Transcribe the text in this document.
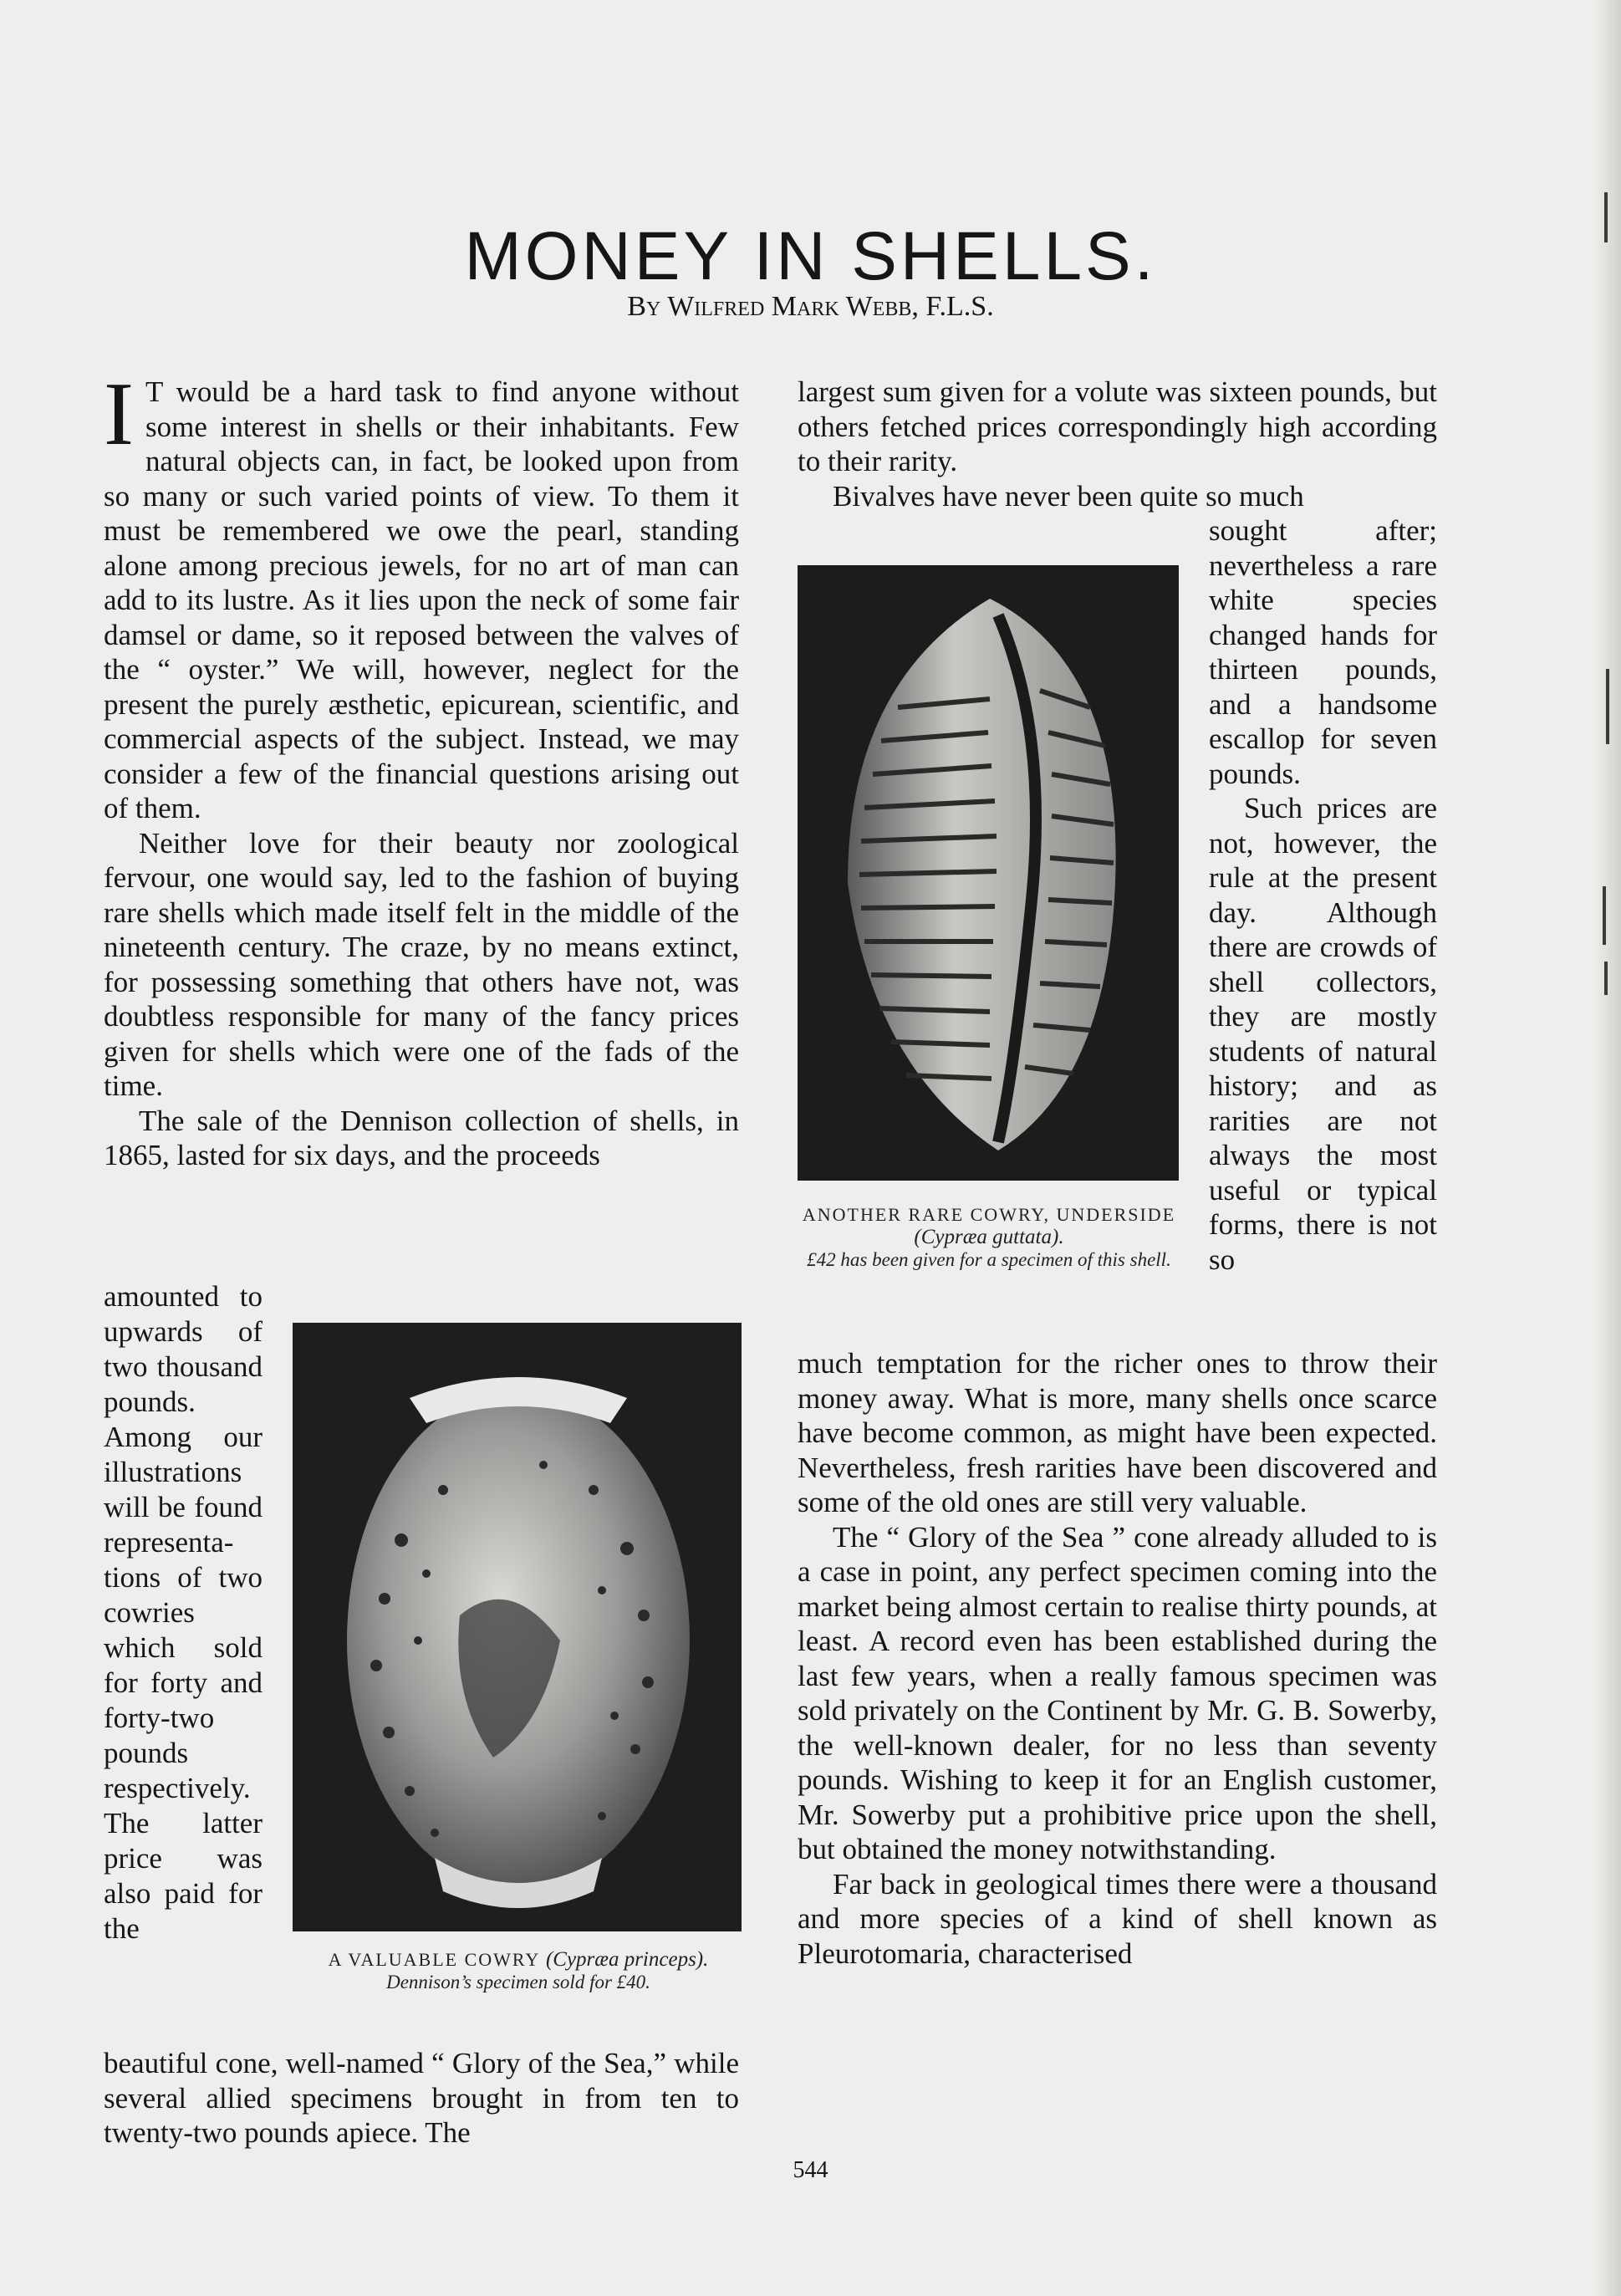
MONEY IN SHELLS.
By Wilfred Mark Webb, F.L.S.

I T would be a hard task to find anyone without some interest in shells or their inhabitants. Few natural objects can, in fact, be looked upon from so many or such varied points of view. To them it must be remembered we owe the pearl, standing alone among precious jewels, for no art of man can add to its lustre. As it lies upon the neck of some fair damsel or dame, so it reposed between the valves of the “ oyster.” We will, however, neglect for the present the purely æsthetic, epicurean, scientific, and commercial aspects of the subject. Instead, we may consider a few of the financial questions arising out of them.

Neither love for their beauty nor zoological fervour, one would say, led to the fashion of buying rare shells which made itself felt in the middle of the nineteenth century. The craze, by no means extinct, for possessing something that others have not, was doubtless responsible for many of the fancy prices given for shells which were one of the fads of the time.

The sale of the Dennison collection of shells, in 1865, lasted for six days, and the proceeds

amounted to upwards of two thousand pounds. Among our illustrations will be found representations of two cowries which sold for forty and forty-two pounds respectively. The latter price was also paid for the

beautiful cone, well-named “ Glory of the Sea,” while several allied specimens brought in from ten to twenty-two pounds apiece. The

A VALUABLE COWRY (Cypræa princeps).
Dennison’s specimen sold for £40.

largest sum given for a volute was sixteen pounds, but others fetched prices correspondingly high according to their rarity.

Bivalves have never been quite so much

ANOTHER RARE COWRY, UNDERSIDE (Cypræa guttata).
£42 has been given for a specimen of this shell.

sought after; nevertheless a rare white species changed hands for thirteen pounds, and a handsome escallop for seven pounds.

Such prices are not, however, the rule at the present day. Although there are crowds of shell collectors, they are mostly students of natural history; and as rarities are not always the most useful or typical forms, there is not so

much temptation for the richer ones to throw their money away. What is more, many shells once scarce have become common, as might have been expected. Nevertheless, fresh rarities have been discovered and some of the old ones are still very valuable.

The “ Glory of the Sea ” cone already alluded to is a case in point, any perfect specimen coming into the market being almost certain to realise thirty pounds, at least. A record even has been established during the last few years, when a really famous specimen was sold privately on the Continent by Mr. G. B. Sowerby, the well-known dealer, for no less than seventy pounds. Wishing to keep it for an English customer, Mr. Sowerby put a prohibitive price upon the shell, but obtained the money notwithstanding.

Far back in geological times there were a thousand and more species of a kind of shell known as Pleurotomaria, characterised

544
